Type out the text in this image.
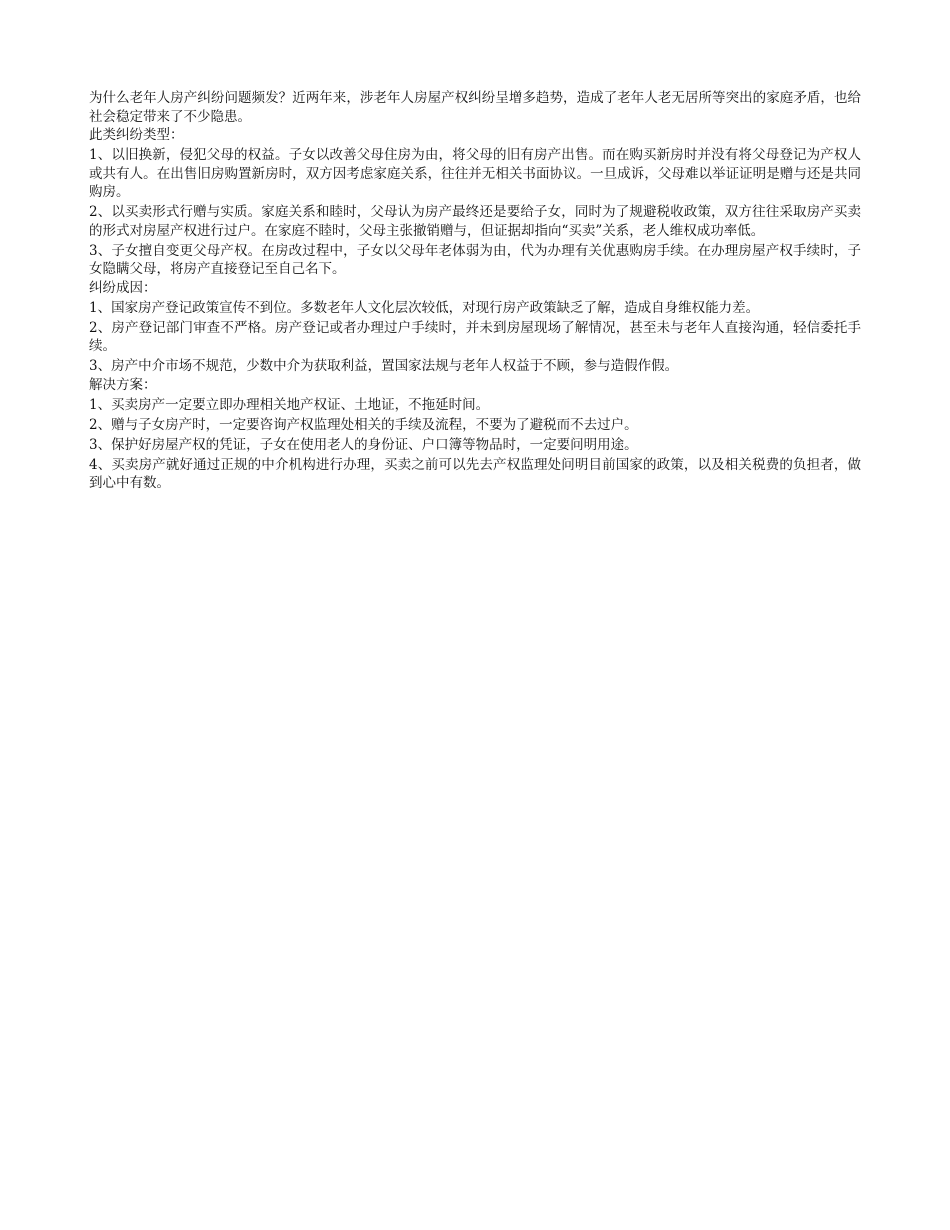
为什么老年人房产纠纷问题频发？近两年来，涉老年人房屋产权纠纷呈增多趋势，造成了老年人老无居所等突出的家庭矛盾，也给社会稳定带来了不少隐患。

此类纠纷类型：

1、以旧换新，侵犯父母的权益。子女以改善父母住房为由，将父母的旧有房产出售。而在购买新房时并没有将父母登记为产权人或共有人。在出售旧房购置新房时，双方因考虑家庭关系，往往并无相关书面协议。一旦成诉，父母难以举证证明是赠与还是共同购房。

2、以买卖形式行赠与实质。家庭关系和睦时，父母认为房产最终还是要给子女，同时为了规避税收政策，双方往往采取房产买卖的形式对房屋产权进行过户。在家庭不睦时，父母主张撤销赠与，但证据却指向“买卖”关系，老人维权成功率低。

3、子女擅自变更父母产权。在房改过程中，子女以父母年老体弱为由，代为办理有关优惠购房手续。在办理房屋产权手续时，子女隐瞒父母，将房产直接登记至自己名下。

纠纷成因：

1、国家房产登记政策宣传不到位。多数老年人文化层次较低，对现行房产政策缺乏了解，造成自身维权能力差。

2、房产登记部门审查不严格。房产登记或者办理过户手续时，并未到房屋现场了解情况，甚至未与老年人直接沟通，轻信委托手续。

3、房产中介市场不规范，少数中介为获取利益，置国家法规与老年人权益于不顾，参与造假作假。

解决方案：

1、买卖房产一定要立即办理相关地产权证、土地证，不拖延时间。

2、赠与子女房产时，一定要咨询产权监理处相关的手续及流程，不要为了避税而不去过户。

3、保护好房屋产权的凭证，子女在使用老人的身份证、户口簿等物品时，一定要问明用途。

4、买卖房产就好通过正规的中介机构进行办理，买卖之前可以先去产权监理处问明目前国家的政策，以及相关税费的负担者，做到心中有数。
